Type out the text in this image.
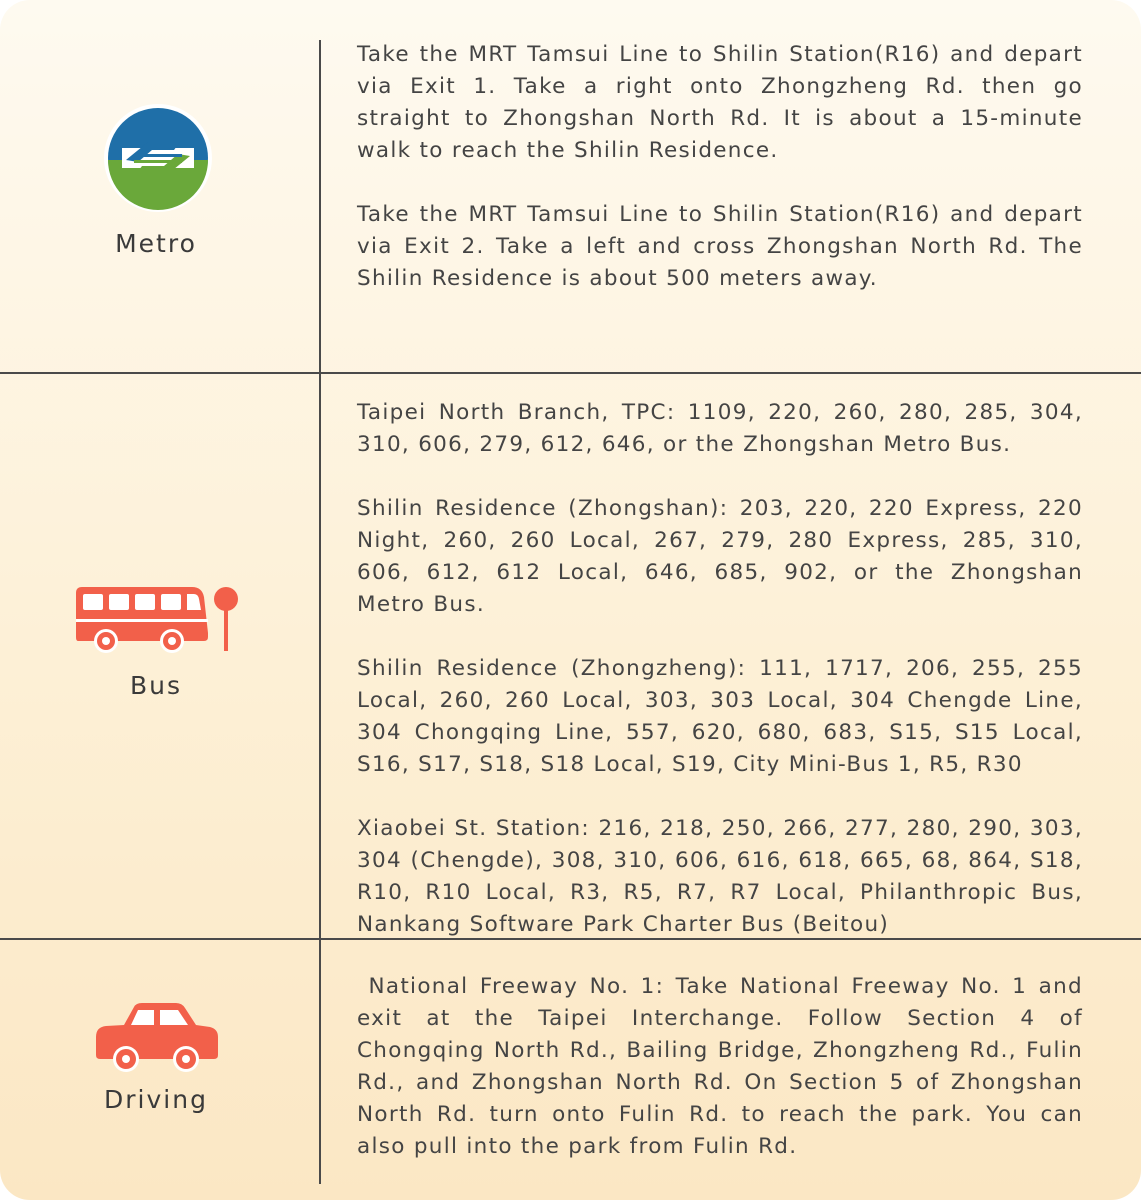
Metro

Take the MRT Tamsui Line to Shilin Station(R16) and depart via Exit 1. Take a right onto Zhongzheng Rd. then go straight to Zhongshan North Rd. It is about a 15-minute walk to reach the Shilin Residence.

Take the MRT Tamsui Line to Shilin Station(R16) and depart via Exit 2. Take a left and cross Zhongshan North Rd. The Shilin Residence is about 500 meters away.

Bus

Taipei North Branch, TPC: 1109, 220, 260, 280, 285, 304, 310, 606, 279, 612, 646, or the Zhongshan Metro Bus.

Shilin Residence (Zhongshan): 203, 220, 220 Express, 220 Night, 260, 260 Local, 267, 279, 280 Express, 285, 310, 606, 612, 612 Local, 646, 685, 902, or the Zhongshan Metro Bus.

Shilin Residence (Zhongzheng): 111, 1717, 206, 255, 255 Local, 260, 260 Local, 303, 303 Local, 304 Chengde Line, 304 Chongqing Line, 557, 620, 680, 683, S15, S15 Local, S16, S17, S18, S18 Local, S19, City Mini-Bus 1, R5, R30

Xiaobei St. Station: 216, 218, 250, 266, 277, 280, 290, 303, 304 (Chengde), 308, 310, 606, 616, 618, 665, 68, 864, S18, R10, R10 Local, R3, R5, R7, R7 Local, Philanthropic Bus, Nankang Software Park Charter Bus (Beitou)

Driving

National Freeway No. 1: Take National Freeway No. 1 and exit at the Taipei Interchange. Follow Section 4 of Chongqing North Rd., Bailing Bridge, Zhongzheng Rd., Fulin Rd., and Zhongshan North Rd. On Section 5 of Zhongshan North Rd. turn onto Fulin Rd. to reach the park. You can also pull into the park from Fulin Rd.
